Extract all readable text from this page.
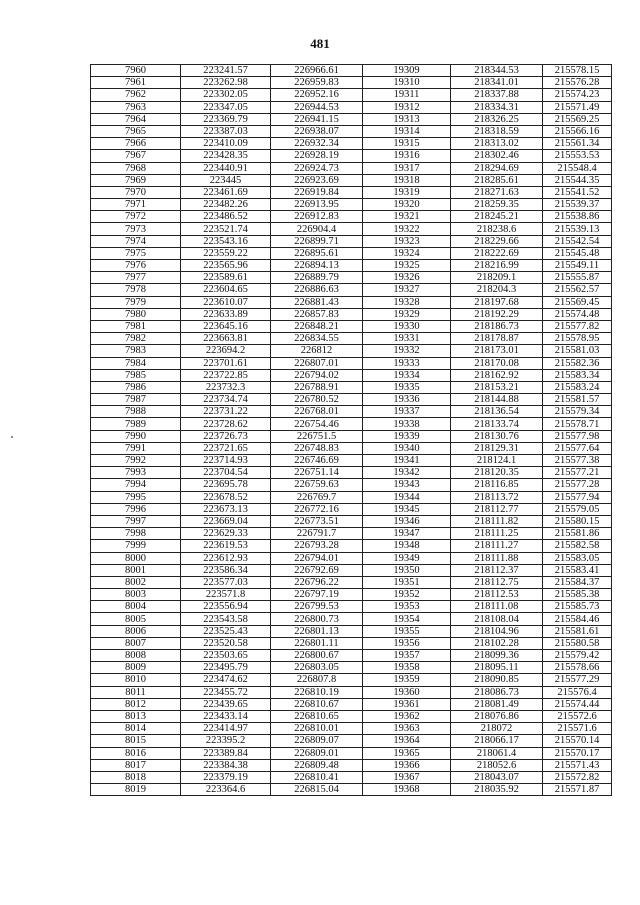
481
7960	223241.57	226966.61	19309	218344.53	215578.15
7961	223262.98	226959.83	19310	218341.01	215576.28
7962	223302.05	226952.16	19311	218337.88	215574.23
7963	223347.05	226944.53	19312	218334.31	215571.49
7964	223369.79	226941.15	19313	218326.25	215569.25
7965	223387.03	226938.07	19314	218318.59	215566.16
7966	223410.09	226932.34	19315	218313.02	215561.34
7967	223428.35	226928.19	19316	218302.46	215553.53
7968	223440.91	226924.73	19317	218294.69	215548.4
7969	223445	226923.69	19318	218285.61	215544.35
7970	223461.69	226919.84	19319	218271.63	215541.52
7971	223482.26	226913.95	19320	218259.35	215539.37
7972	223486.52	226912.83	19321	218245.21	215538.86
7973	223521.74	226904.4	19322	218238.6	215539.13
7974	223543.16	226899.71	19323	218229.66	215542.54
7975	223559.22	226895.61	19324	218222.69	215545.48
7976	223565.96	226894.13	19325	218216.99	215549.11
7977	223589.61	226889.79	19326	218209.1	215555.87
7978	223604.65	226886.63	19327	218204.3	215562.57
7979	223610.07	226881.43	19328	218197.68	215569.45
7980	223633.89	226857.83	19329	218192.29	215574.48
7981	223645.16	226848.21	19330	218186.73	215577.82
7982	223663.81	226834.55	19331	218178.87	215578.95
7983	223694.2	226812	19332	218173.01	215581.03
7984	223701.61	226807.01	19333	218170.08	215582.36
7985	223722.85	226794.02	19334	218162.92	215583.34
7986	223732.3	226788.91	19335	218153.21	215583.24
7987	223734.74	226780.52	19336	218144.88	215581.57
7988	223731.22	226768.01	19337	218136.54	215579.34
7989	223728.62	226754.46	19338	218133.74	215578.71
7990	223726.73	226751.5	19339	218130.76	215577.98
7991	223721.65	226748.83	19340	218129.31	215577.64
7992	223714.93	226746.69	19341	218124.1	215577.38
7993	223704.54	226751.14	19342	218120.35	215577.21
7994	223695.78	226759.63	19343	218116.85	215577.28
7995	223678.52	226769.7	19344	218113.72	215577.94
7996	223673.13	226772.16	19345	218112.77	215579.05
7997	223669.04	226773.51	19346	218111.82	215580.15
7998	223629.33	226791.7	19347	218111.25	215581.86
7999	223619.53	226793.28	19348	218111.27	215582.58
8000	223612.93	226794.01	19349	218111.88	215583.05
8001	223586.34	226792.69	19350	218112.37	215583.41
8002	223577.03	226796.22	19351	218112.75	215584.37
8003	223571.8	226797.19	19352	218112.53	215585.38
8004	223556.94	226799.53	19353	218111.08	215585.73
8005	223543.58	226800.73	19354	218108.04	215584.46
8006	223525.43	226801.13	19355	218104.96	215581.61
8007	223520.58	226801.11	19356	218102.28	215580.58
8008	223503.65	226800.67	19357	218099.36	215579.42
8009	223495.79	226803.05	19358	218095.11	215578.66
8010	223474.62	226807.8	19359	218090.85	215577.29
8011	223455.72	226810.19	19360	218086.73	215576.4
8012	223439.65	226810.67	19361	218081.49	215574.44
8013	223433.14	226810.65	19362	218076.86	215572.6
8014	223414.97	226810.01	19363	218072	215571.6
8015	223395.2	226809.07	19364	218066.17	215570.14
8016	223389.84	226809.01	19365	218061.4	215570.17
8017	223384.38	226809.48	19366	218052.6	215571.43
8018	223379.19	226810.41	19367	218043.07	215572.82
8019	223364.6	226815.04	19368	218035.92	215571.87
